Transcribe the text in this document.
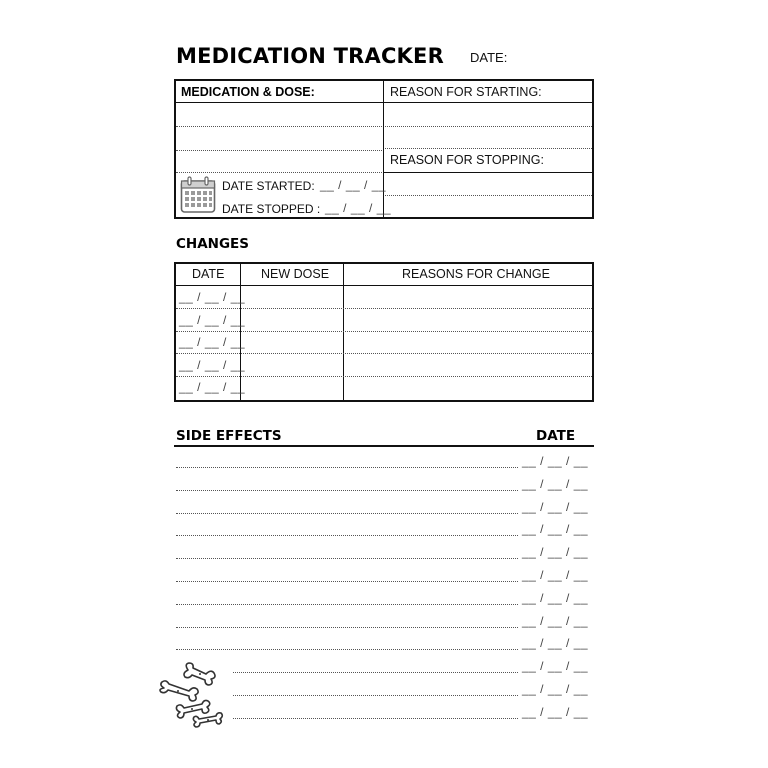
MEDICATION TRACKER DATE:
MEDICATION & DOSE:	REASON FOR STARTING:
REASON FOR STOPPING:
DATE STARTED: __ / __ / __
DATE STOPPED : __ / __ / __
CHANGES
DATE	NEW DOSE	REASONS FOR CHANGE
__ / __ / __
__ / __ / __
__ / __ / __
__ / __ / __
__ / __ / __
SIDE EFFECTS	DATE
__ / __ / __
__ / __ / __
__ / __ / __
__ / __ / __
__ / __ / __
__ / __ / __
__ / __ / __
__ / __ / __
__ / __ / __
__ / __ / __
__ / __ / __
__ / __ / __
